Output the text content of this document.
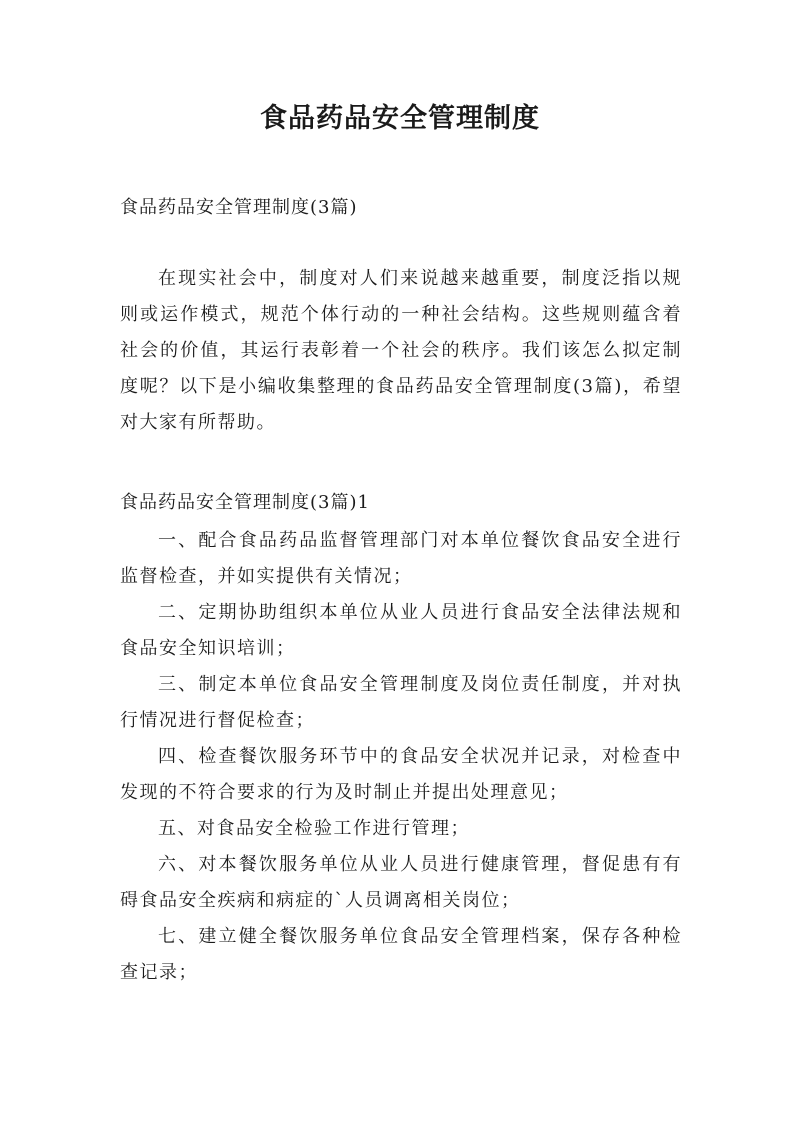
食品药品安全管理制度

食品药品安全管理制度(3篇)

在现实社会中，制度对人们来说越来越重要，制度泛指以规则或运作模式，规范个体行动的一种社会结构。这些规则蕴含着社会的价值，其运行表彰着一个社会的秩序。我们该怎么拟定制度呢？以下是小编收集整理的食品药品安全管理制度(3篇)，希望对大家有所帮助。

食品药品安全管理制度(3篇)1

一、配合食品药品监督管理部门对本单位餐饮食品安全进行监督检查，并如实提供有关情况；
二、定期协助组织本单位从业人员进行食品安全法律法规和食品安全知识培训；
三、制定本单位食品安全管理制度及岗位责任制度，并对执行情况进行督促检查；
四、检查餐饮服务环节中的食品安全状况并记录，对检查中发现的不符合要求的行为及时制止并提出处理意见；
五、对食品安全检验工作进行管理；
六、对本餐饮服务单位从业人员进行健康管理，督促患有有碍食品安全疾病和病症的`人员调离相关岗位；
七、建立健全餐饮服务单位食品安全管理档案，保存各种检查记录；
